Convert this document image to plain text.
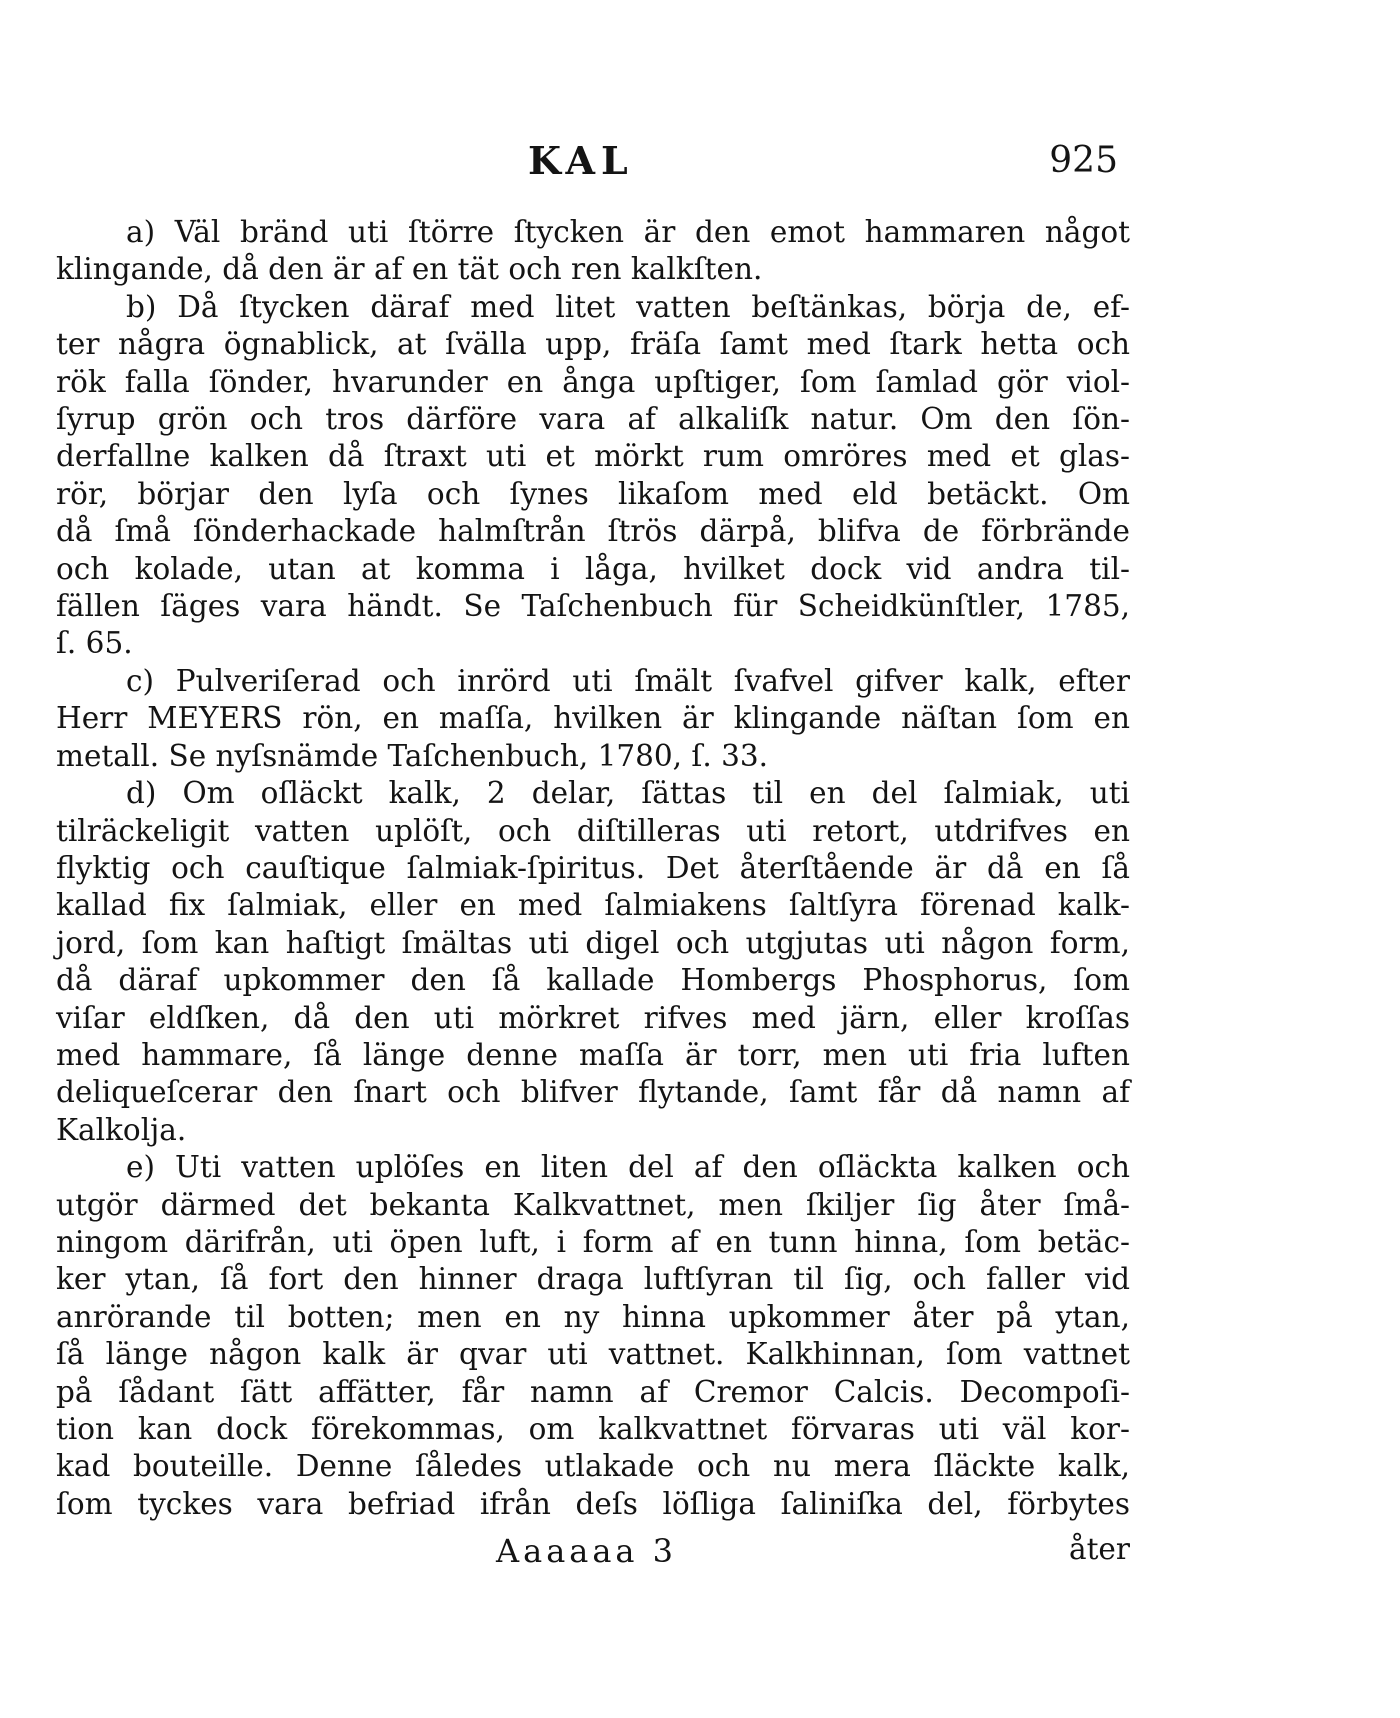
KAL	925
a) Väl bränd uti ſtörre ſtycken är den emot hammaren något
klingande, då den är af en tät och ren kalkſten.
b) Då ſtycken däraf med litet vatten beſtänkas, börja de, ef-
ter några ögnablick, at ſvälla upp, fräſa ſamt med ſtark hetta och
rök falla ſönder, hvarunder en ånga upſtiger, ſom ſamlad gör viol-
ſyrup grön och tros därföre vara af alkaliſk natur. Om den ſön-
derfallne kalken då ſtraxt uti et mörkt rum omröres med et glas-
rör, börjar den lyſa och ſynes likaſom med eld betäckt. Om
då ſmå ſönderhackade halmſtrån ſtrös därpå, blifva de förbrände
och kolade, utan at komma i låga, hvilket dock vid andra til-
fällen ſäges vara händt. Se Taſchenbuch für Scheidkünſtler, 1785,
ſ. 65.
c) Pulveriſerad och inrörd uti ſmält ſvafvel gifver kalk, efter
Herr MEYERS rön, en maſſa, hvilken är klingande näſtan ſom en
metall. Se nyſsnämde Taſchenbuch, 1780, ſ. 33.
d) Om oſläckt kalk, 2 delar, ſättas til en del ſalmiak, uti
tilräckeligit vatten uplöſt, och diſtilleras uti retort, utdrifves en
flyktig och cauſtique ſalmiak-ſpiritus. Det återſtående är då en ſå
kallad fix ſalmiak, eller en med ſalmiakens ſaltſyra förenad kalk-
jord, ſom kan haſtigt ſmältas uti digel och utgjutas uti någon form,
då däraf upkommer den ſå kallade Hombergs Phosphorus, ſom
viſar eldſken, då den uti mörkret rifves med järn, eller kroſſas
med hammare, ſå länge denne maſſa är torr, men uti fria luften
deliqueſcerar den ſnart och blifver flytande, ſamt får då namn af
Kalkolja.
e) Uti vatten uplöſes en liten del af den oſläckta kalken och
utgör därmed det bekanta Kalkvattnet, men ſkiljer ſig åter ſmå-
ningom därifrån, uti öpen luft, i form af en tunn hinna, ſom betäc-
ker ytan, ſå fort den hinner draga luftſyran til ſig, och faller vid
anrörande til botten; men en ny hinna upkommer åter på ytan,
ſå länge någon kalk är qvar uti vattnet. Kalkhinnan, ſom vattnet
på ſådant ſätt affätter, får namn af Cremor Calcis. Decompoſi-
tion kan dock förekommas, om kalkvattnet förvaras uti väl kor-
kad bouteille. Denne ſåledes utlakade och nu mera ſläckte kalk,
ſom tyckes vara befriad ifrån deſs löſliga ſaliniſka del, förbytes
Aaaaaa 3	åter
